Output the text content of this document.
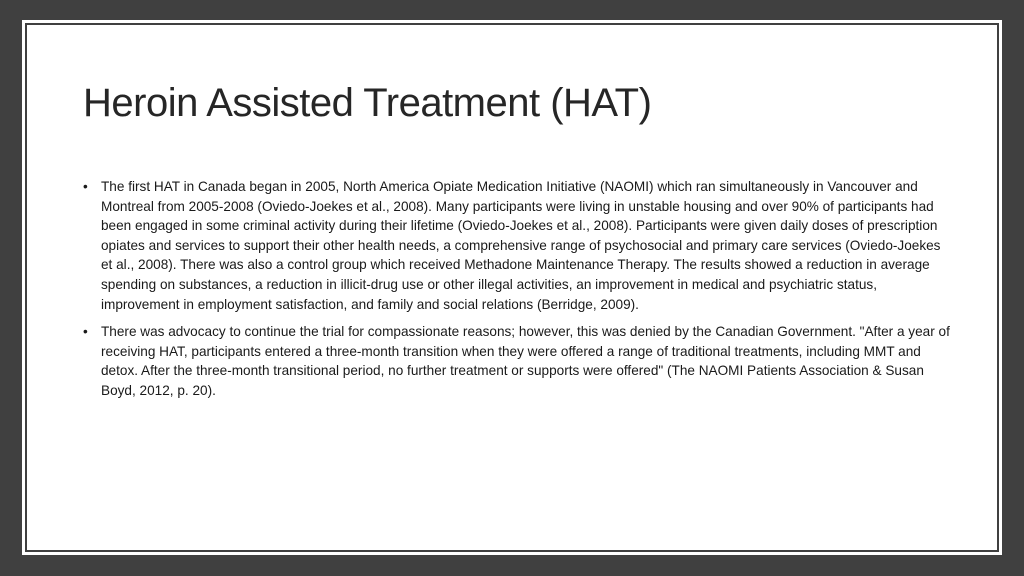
Heroin Assisted Treatment (HAT)
• The first HAT in Canada began in 2005, North America Opiate Medication Initiative (NAOMI) which ran simultaneously in Vancouver and Montreal from 2005-2008 (Oviedo-Joekes et al., 2008). Many participants were living in unstable housing and over 90% of participants had been engaged in some criminal activity during their lifetime (Oviedo-Joekes et al., 2008). Participants were given daily doses of prescription opiates and services to support their other health needs, a comprehensive range of psychosocial and primary care services (Oviedo-Joekes et al., 2008). There was also a control group which received Methadone Maintenance Therapy. The results showed a reduction in average spending on substances, a reduction in illicit-drug use or other illegal activities, an improvement in medical and psychiatric status, improvement in employment satisfaction, and family and social relations (Berridge, 2009).
• There was advocacy to continue the trial for compassionate reasons; however, this was denied by the Canadian Government. "After a year of receiving HAT, participants entered a three-month transition when they were offered a range of traditional treatments, including MMT and detox. After the three-month transitional period, no further treatment or supports were offered" (The NAOMI Patients Association & Susan Boyd, 2012, p. 20).
